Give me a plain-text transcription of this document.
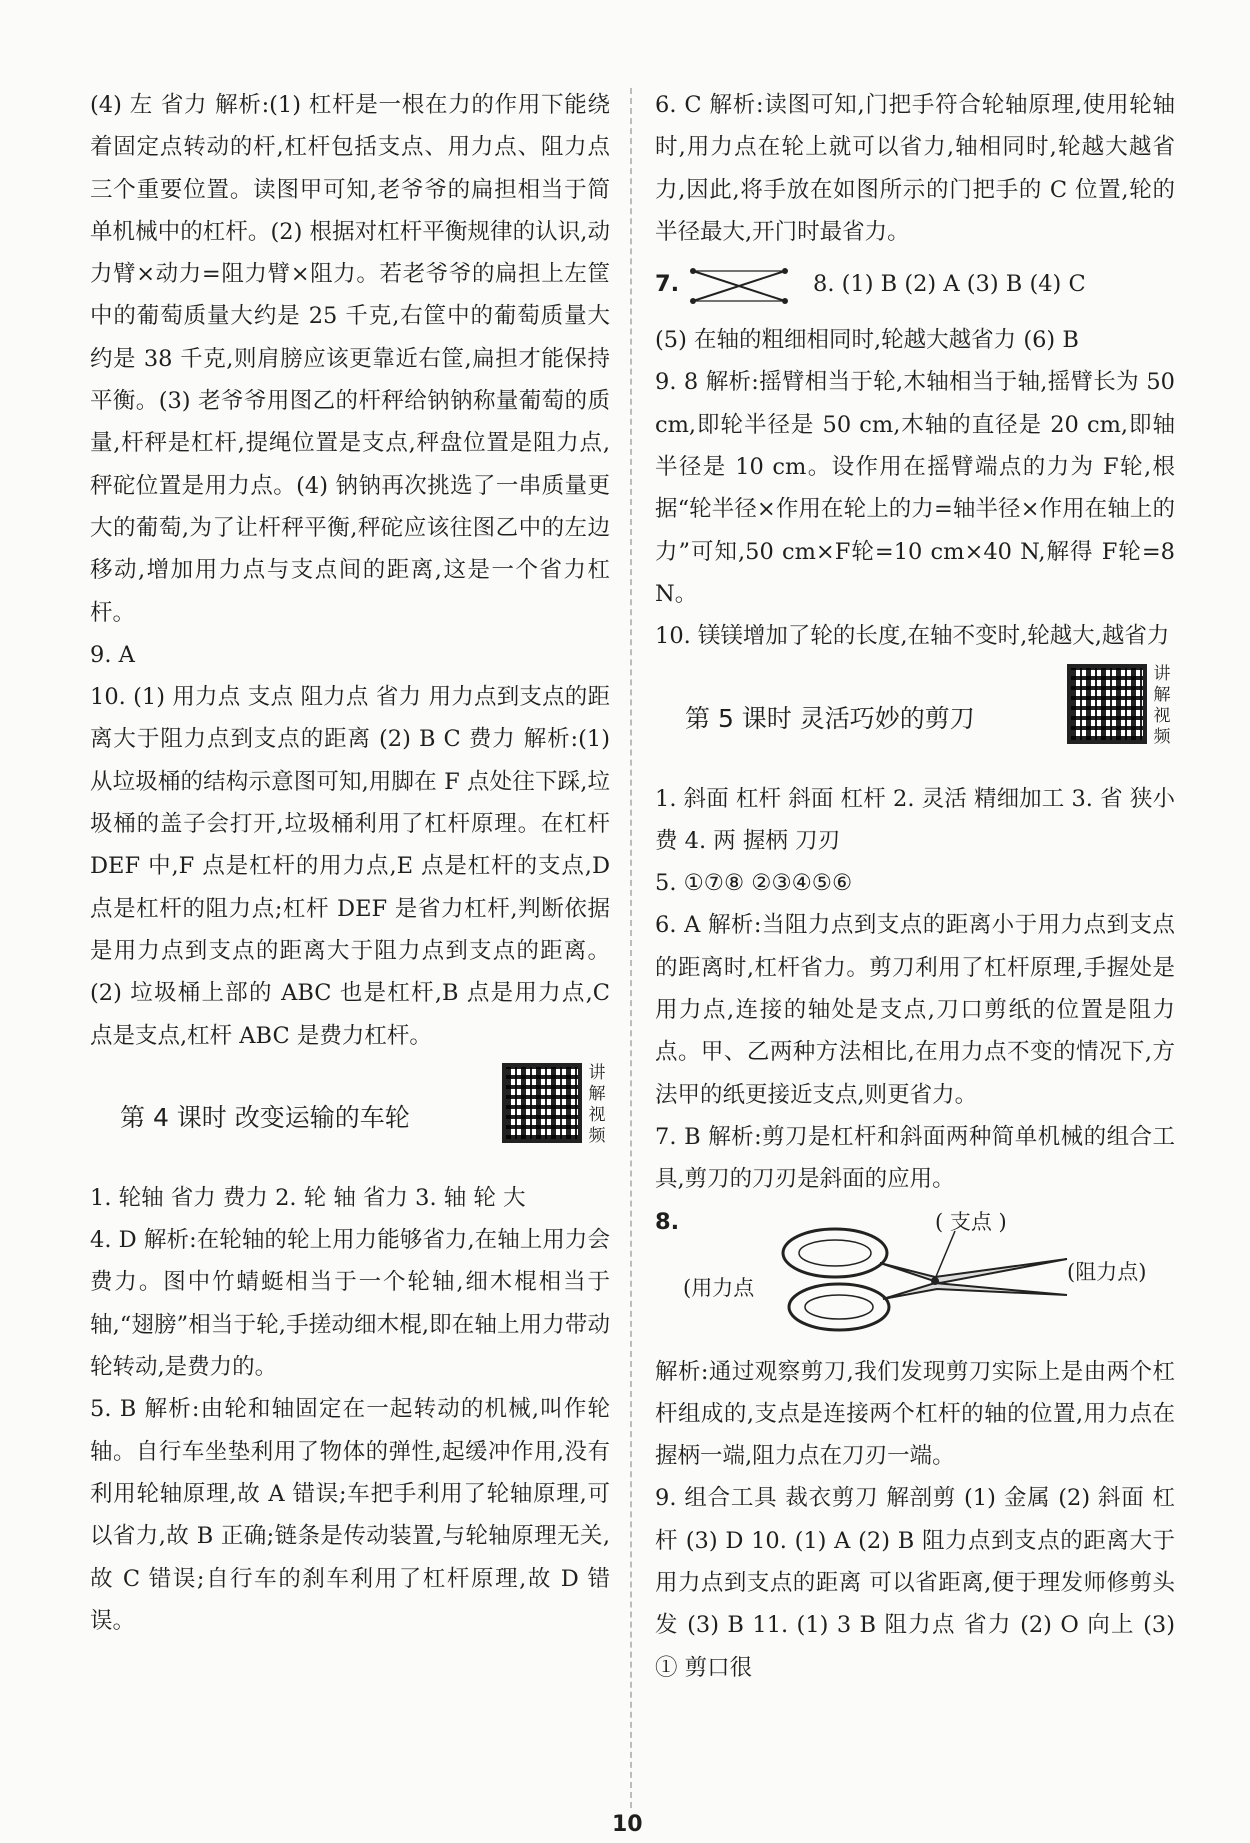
(4) 左 省力 解析:(1) 杠杆是一根在力的作用下能绕着固定点转动的杆,杠杆包括支点、用力点、阻力点三个重要位置。读图甲可知,老爷爷的扁担相当于简单机械中的杠杆。(2) 根据对杠杆平衡规律的认识,动力臂×动力=阻力臂×阻力。若老爷爷的扁担上左筐中的葡萄质量大约是 25 千克,右筐中的葡萄质量大约是 38 千克,则肩膀应该更靠近右筐,扁担才能保持平衡。(3) 老爷爷用图乙的杆秤给钠钠称量葡萄的质量,杆秤是杠杆,提绳位置是支点,秤盘位置是阻力点,秤砣位置是用力点。(4) 钠钠再次挑选了一串质量更大的葡萄,为了让杆秤平衡,秤砣应该往图乙中的左边移动,增加用力点与支点间的距离,这是一个省力杠杆。

9. A

10. (1) 用力点 支点 阻力点 省力 用力点到支点的距离大于阻力点到支点的距离 (2) B C 费力 解析:(1) 从垃圾桶的结构示意图可知,用脚在 F 点处往下踩,垃圾桶的盖子会打开,垃圾桶利用了杠杆原理。在杠杆 DEF 中,F 点是杠杆的用力点,E 点是杠杆的支点,D 点是杠杆的阻力点;杠杆 DEF 是省力杠杆,判断依据是用力点到支点的距离大于阻力点到支点的距离。(2) 垃圾桶上部的 ABC 也是杠杆,B 点是用力点,C 点是支点,杠杆 ABC 是费力杠杆。

第 4 课时 改变运输的车轮
讲解视频

1. 轮轴 省力 费力 2. 轮 轴 省力 3. 轴 轮 大

4. D 解析:在轮轴的轮上用力能够省力,在轴上用力会费力。图中竹蜻蜓相当于一个轮轴,细木棍相当于轴,“翅膀”相当于轮,手搓动细木棍,即在轴上用力带动轮转动,是费力的。

5. B 解析:由轮和轴固定在一起转动的机械,叫作轮轴。自行车坐垫利用了物体的弹性,起缓冲作用,没有利用轮轴原理,故 A 错误;车把手利用了轮轴原理,可以省力,故 B 正确;链条是传动装置,与轮轴原理无关,故 C 错误;自行车的刹车利用了杠杆原理,故 D 错误。

6. C 解析:读图可知,门把手符合轮轴原理,使用轮轴时,用力点在轮上就可以省力,轴相同时,轮越大越省力,因此,将手放在如图所示的门把手的 C 位置,轮的半径最大,开门时最省力。

7.	8. (1) B (2) A (3) B (4) C

(5) 在轴的粗细相同时,轮越大越省力 (6) B

9. 8 解析:摇臂相当于轮,木轴相当于轴,摇臂长为 50 cm,即轮半径是 50 cm,木轴的直径是 20 cm,即轴半径是 10 cm。设作用在摇臂端点的力为 F轮,根据“轮半径×作用在轮上的力=轴半径×作用在轴上的力”可知,50 cm×F轮=10 cm×40 N,解得 F轮=8 N。

10. 镁镁增加了轮的长度,在轴不变时,轮越大,越省力

第 5 课时 灵活巧妙的剪刀
讲解视频

1. 斜面 杠杆 斜面 杠杆 2. 灵活 精细加工 3. 省 狭小 费 4. 两 握柄 刀刃

5. ①⑦⑧ ②③④⑤⑥

6. A 解析:当阻力点到支点的距离小于用力点到支点的距离时,杠杆省力。剪刀利用了杠杆原理,手握处是用力点,连接的轴处是支点,刀口剪纸的位置是阻力点。甲、乙两种方法相比,在用力点不变的情况下,方法甲的纸更接近支点,则更省力。

7. B 解析:剪刀是杠杆和斜面两种简单机械的组合工具,剪刀的刀刃是斜面的应用。

8.	( 支点 )
(用力点
(阻力点)

解析:通过观察剪刀,我们发现剪刀实际上是由两个杠杆组成的,支点是连接两个杠杆的轴的位置,用力点在握柄一端,阻力点在刀刃一端。

9. 组合工具 裁衣剪刀 解剖剪 (1) 金属 (2) 斜面 杠杆 (3) D 10. (1) A (2) B 阻力点到支点的距离大于用力点到支点的距离 可以省距离,便于理发师修剪头发 (3) B 11. (1) 3 B 阻力点 省力 (2) O 向上 (3) ① 剪口很

10
